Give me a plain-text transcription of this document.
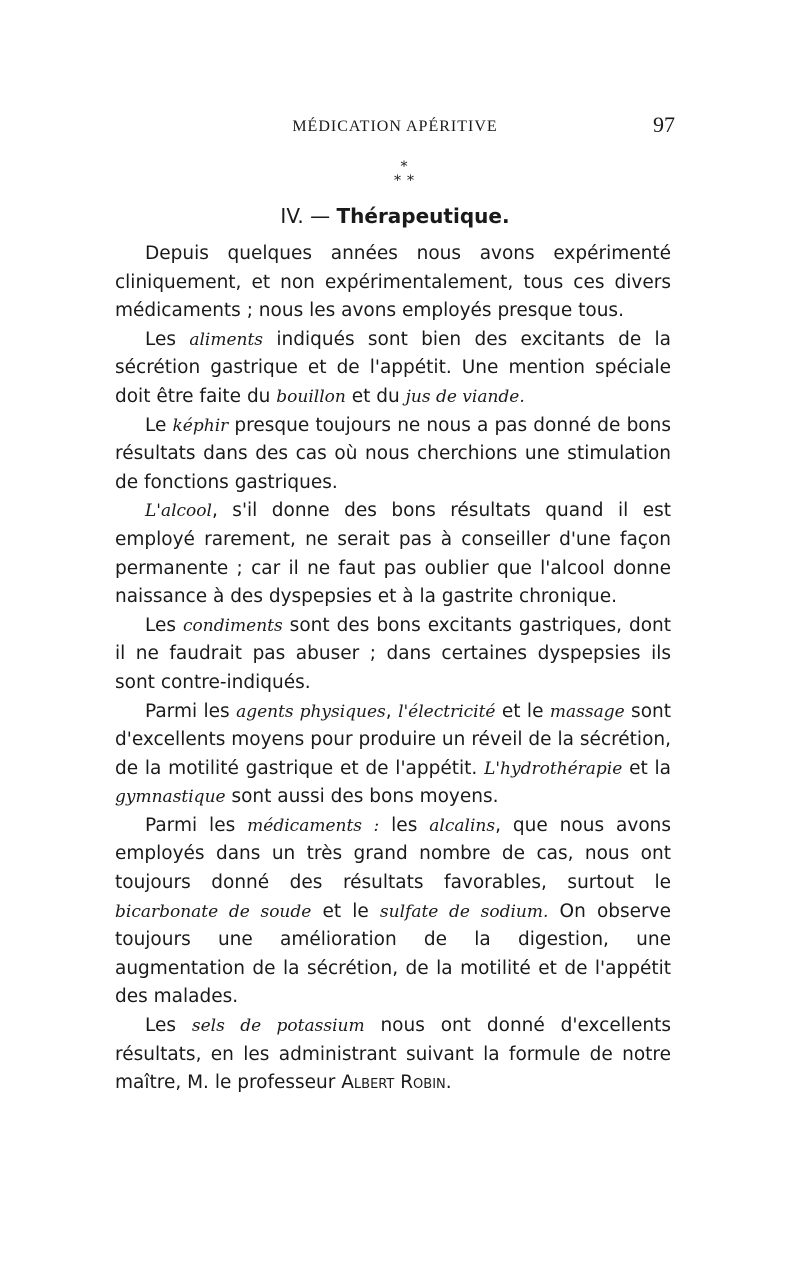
MÉDICATION APÉRITIVE	97
*
**
IV. — Thérapeutique.

Depuis quelques années nous avons expérimenté cliniquement, et non expérimentalement, tous ces divers médicaments ; nous les avons employés presque tous.

Les aliments indiqués sont bien des excitants de la sécrétion gastrique et de l'appétit. Une mention spéciale doit être faite du bouillon et du jus de viande.

Le képhir presque toujours ne nous a pas donné de bons résultats dans des cas où nous cherchions une stimulation de fonctions gastriques.

L'alcool, s'il donne des bons résultats quand il est employé rarement, ne serait pas à conseiller d'une façon permanente ; car il ne faut pas oublier que l'alcool donne naissance à des dyspepsies et à la gastrite chronique.

Les condiments sont des bons excitants gastriques, dont il ne faudrait pas abuser ; dans certaines dyspepsies ils sont contre-indiqués.

Parmi les agents physiques, l'électricité et le massage sont d'excellents moyens pour produire un réveil de la sécrétion, de la motilité gastrique et de l'appétit. L'hydrothérapie et la gymnastique sont aussi des bons moyens.

Parmi les médicaments : les alcalins, que nous avons employés dans un très grand nombre de cas, nous ont toujours donné des résultats favorables, surtout le bicarbonate de soude et le sulfate de sodium. On observe toujours une amélioration de la digestion, une augmentation de la sécrétion, de la motilité et de l'appétit des malades.

Les sels de potassium nous ont donné d'excellents résultats, en les administrant suivant la formule de notre maître, M. le professeur Albert Robin.
